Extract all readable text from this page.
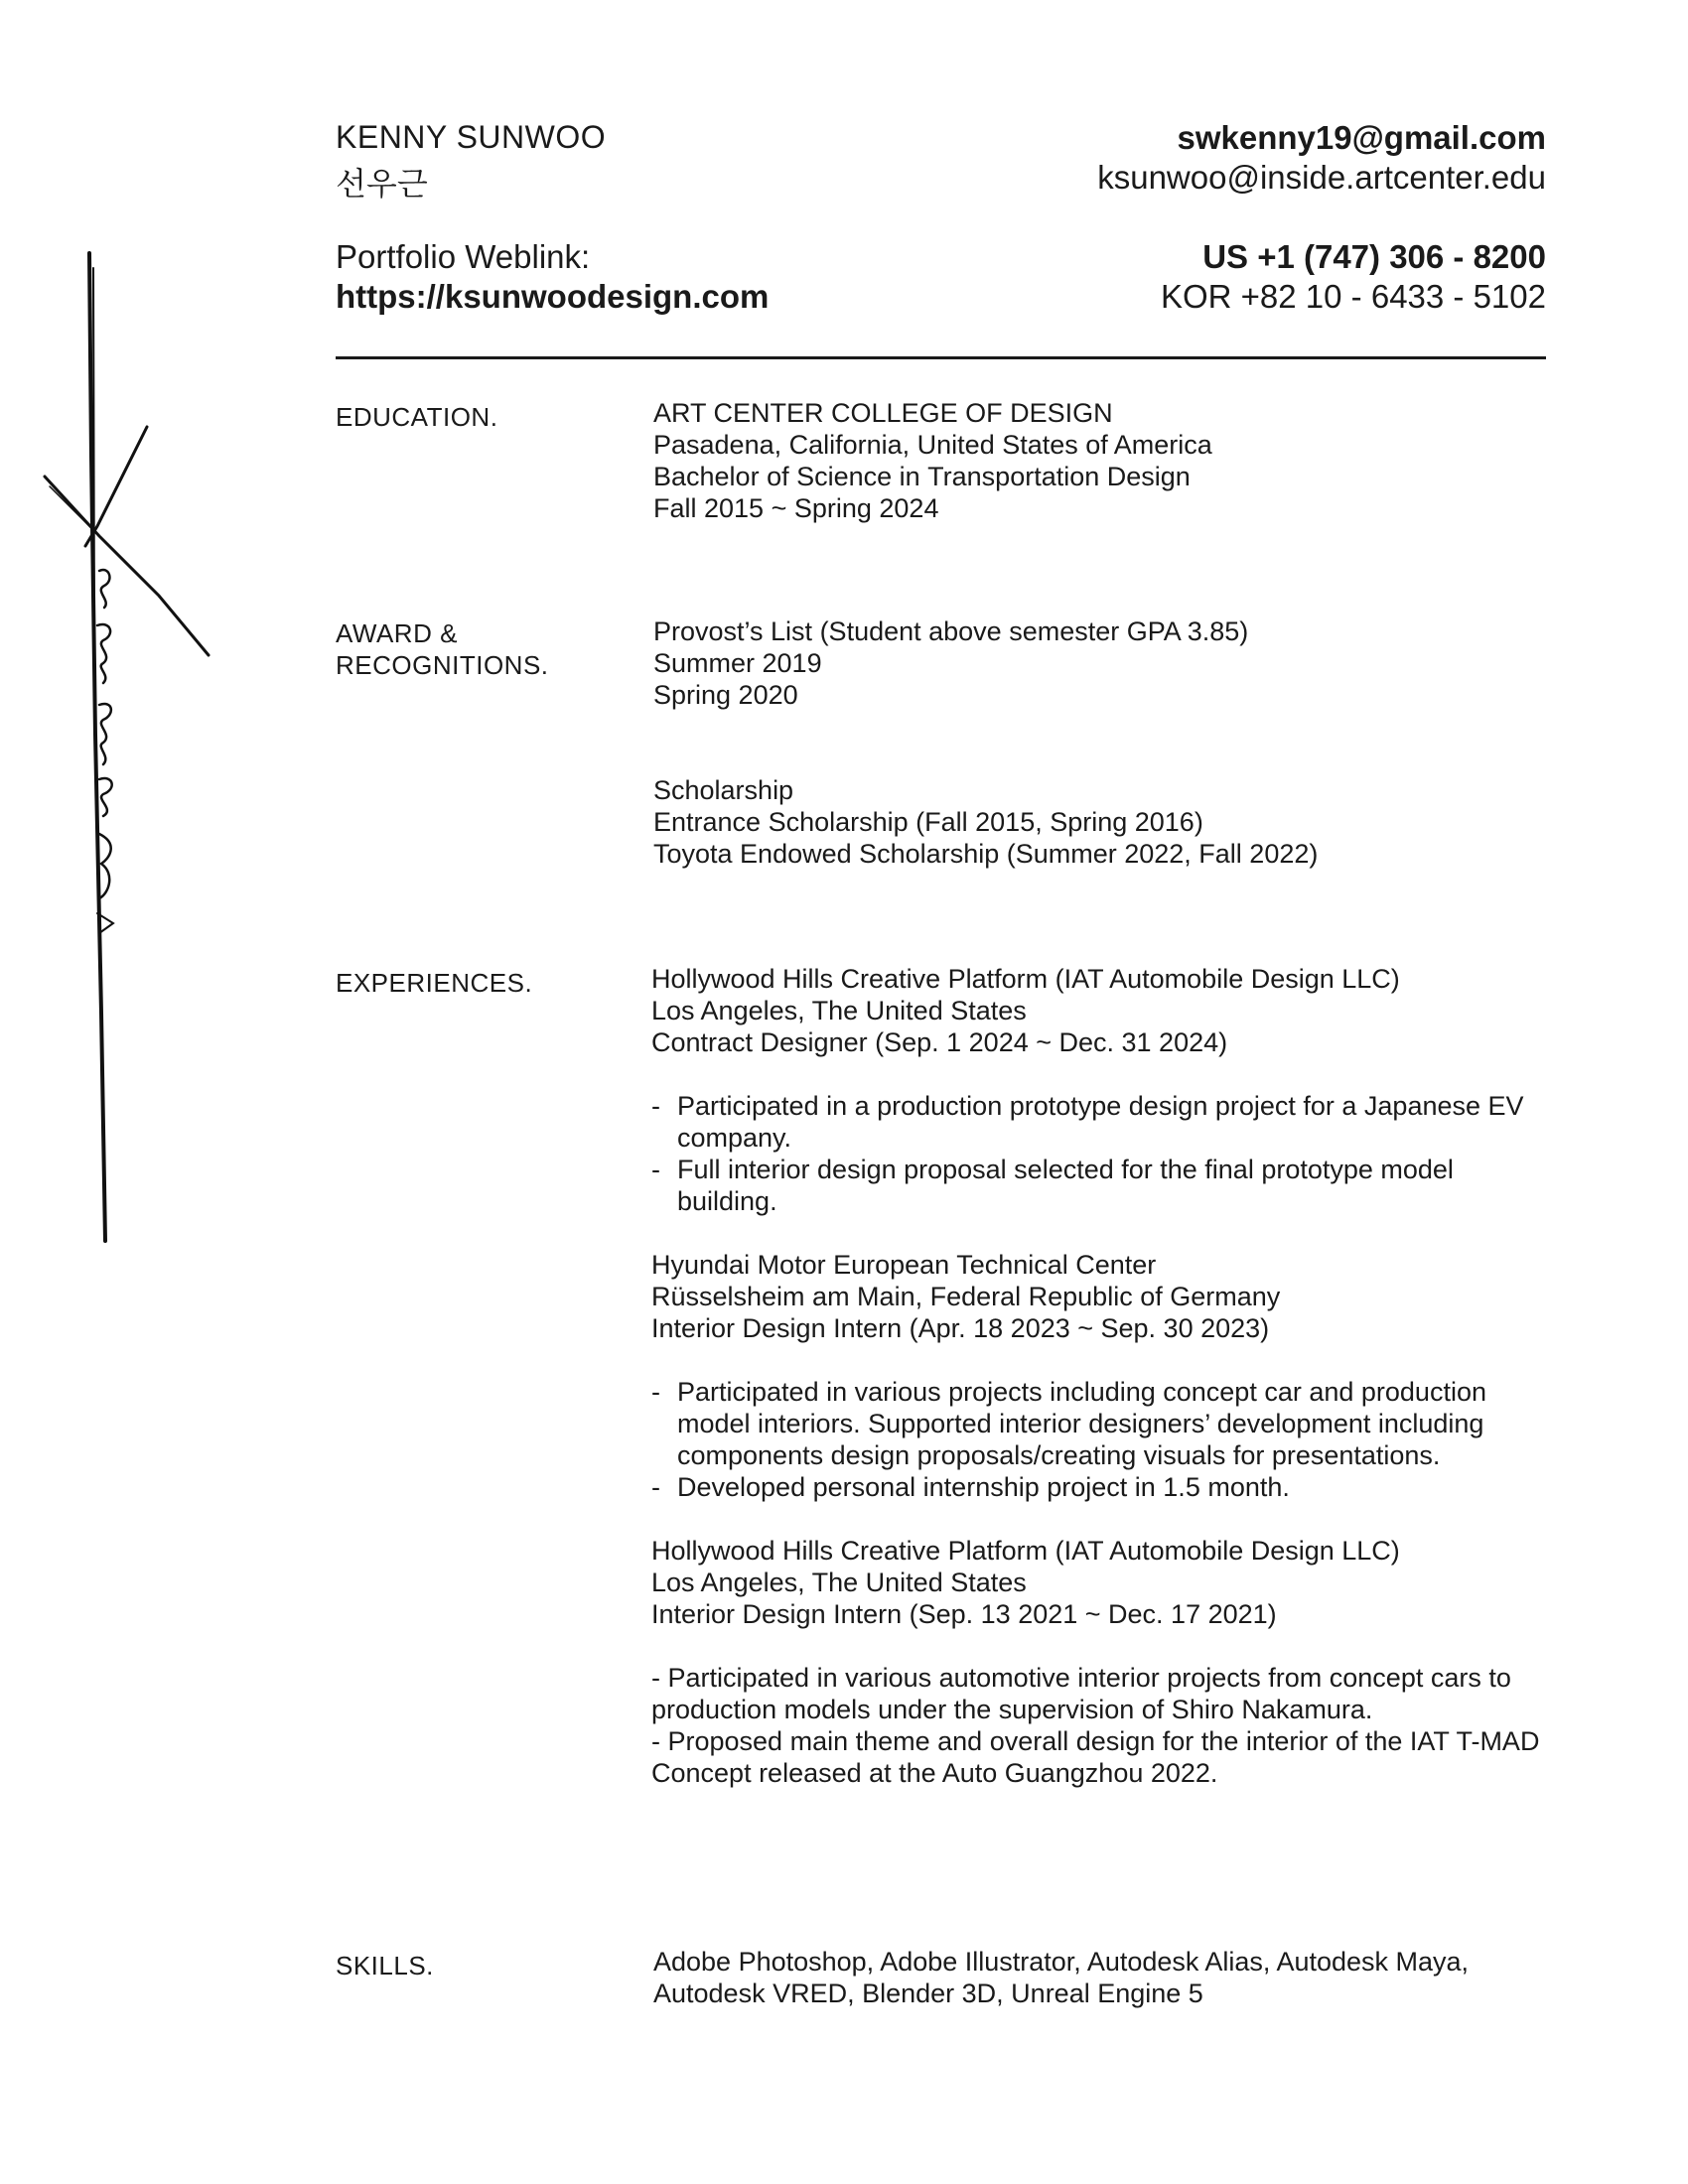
KENNY SUNWOO
선우근
Portfolio Weblink:
https://ksunwoodesign.com
swkenny19@gmail.com
ksunwoo@inside.artcenter.edu
US +1 (747) 306 - 8200
KOR +82 10 - 6433 - 5102
EDUCATION.	ART CENTER COLLEGE OF DESIGN
Pasadena, California, United States of America
Bachelor of Science in Transportation Design
Fall 2015 ~ Spring 2024
AWARD &
RECOGNITIONS.
Provost’s List (Student above semester GPA 3.85)
Summer 2019
Spring 2020
Scholarship
Entrance Scholarship (Fall 2015, Spring 2016)
Toyota Endowed Scholarship (Summer 2022, Fall 2022)
EXPERIENCES.	Hollywood Hills Creative Platform (IAT Automobile Design LLC)
Los Angeles, The United States
Contract Designer (Sep. 1 2024 ~ Dec. 31 2024)
- Participated in a production prototype design project for a Japanese EV company.
- Full interior design proposal selected for the final prototype model building.
Hyundai Motor European Technical Center
Rüsselsheim am Main, Federal Republic of Germany
Interior Design Intern (Apr. 18 2023 ~ Sep. 30 2023)
- Participated in various projects including concept car and production model interiors. Supported interior designers’ development including components design proposals/creating visuals for presentations.
- Developed personal internship project in 1.5 month.
Hollywood Hills Creative Platform (IAT Automobile Design LLC)
Los Angeles, The United States
Interior Design Intern (Sep. 13 2021 ~ Dec. 17 2021)
- Participated in various automotive interior projects from concept cars to production models under the supervision of Shiro Nakamura.
- Proposed main theme and overall design for the interior of the IAT T-MAD Concept released at the Auto Guangzhou 2022.
SKILLS.	Adobe Photoshop, Adobe Illustrator, Autodesk Alias, Autodesk Maya, Autodesk VRED, Blender 3D, Unreal Engine 5
